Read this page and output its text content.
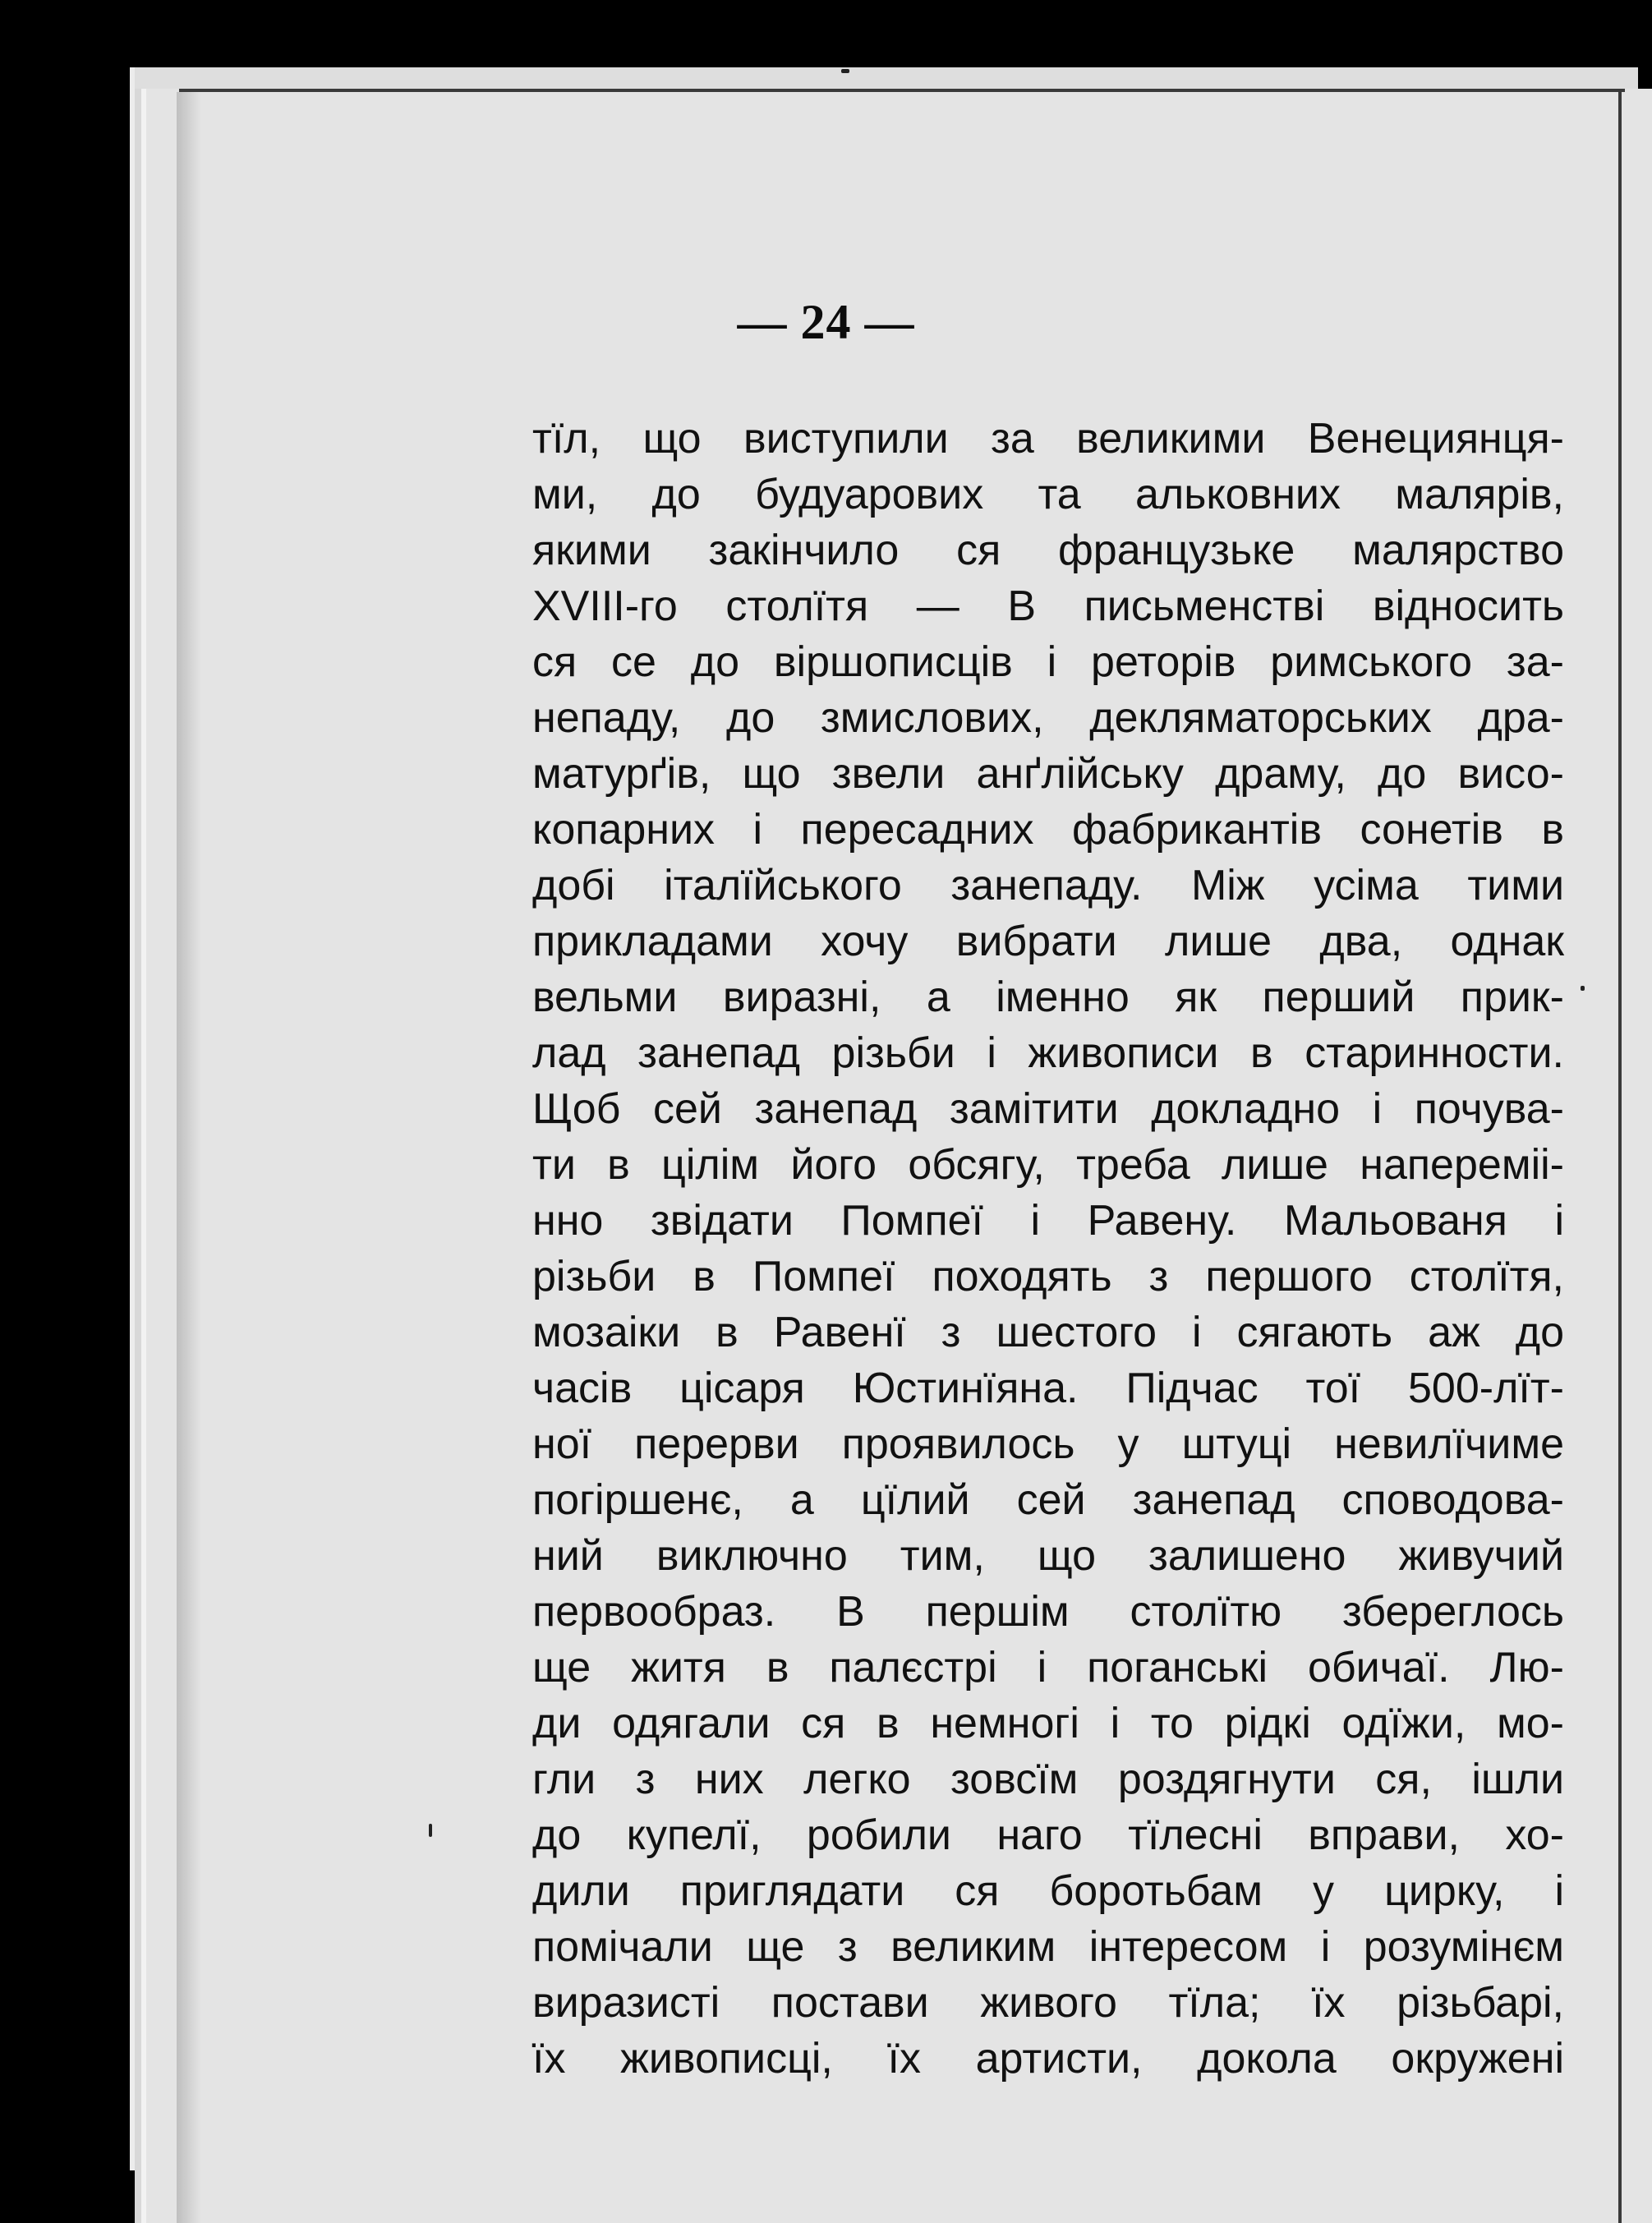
— 24 —
тїл, що виступили за великими Венециянця-
ми, до будуарових та альковних малярів,
якими закінчило ся французьке малярство
XVIII-го столїтя — В письменстві відносить
ся се до віршописців і реторів римського за-
непаду, до змислових, декляматорських дра-
матурґів, що звели анґлійську драму, до висо-
копарних і пересадних фабрикантів сонетів в
добі італїйського занепаду. Між усіма тими
прикладами хочу вибрати лише два, однак
вельми виразні, а іменно як перший прик-
лад занепад різьби і живописи в старинности.
Щоб сей занепад замітити докладно і почува-
ти в цілім його обсягу, треба лише напереміі-
нно звідати Помпеї і Равену. Мальованя і
різьби в Помпеї походять з першого столїтя,
мозаіки в Равенї з шестого і сягають аж до
часів цісаря Юстинїяна. Підчас тої 500-лїт-
ної перерви проявилось у штуці невилїчиме
погіршенє, а цїлий сей занепад споводова-
ний виключно тим, що залишено живучий
первообраз. В першім столїтю збереглось
ще житя в палєстрі і поганські обичаї. Лю-
ди одягали ся в немногі і то рідкі одїжи, мо-
гли з них легко зовсїм роздягнути ся, ішли
до купелї, робили наго тїлесні вправи, хо-
дили приглядати ся боротьбам у цирку, і
помічали ще з великим інтересом і розумінєм
виразисті постави живого тїла; їх різьбарі,
їх живописці, їх артисти, докола окружені
